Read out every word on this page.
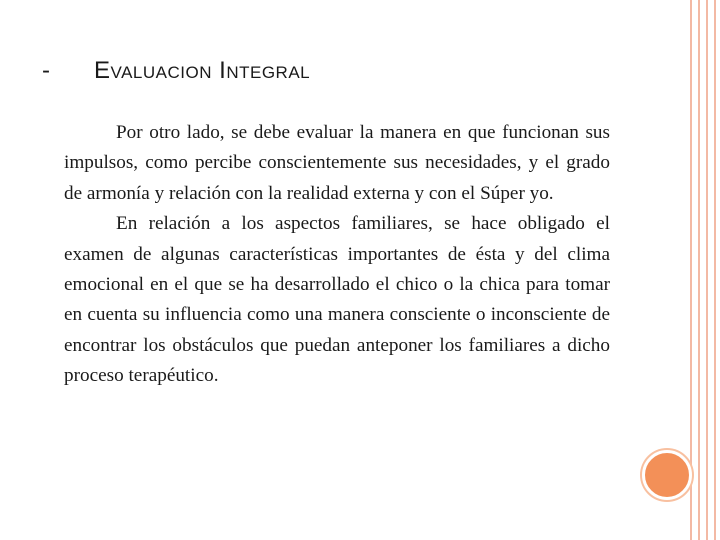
-	Evaluacion Integral

Por otro lado, se debe evaluar la manera en que funcionan sus impulsos, como percibe conscientemente sus necesidades, y el grado de armonía y relación con la realidad externa y con el Súper yo.

En relación a los aspectos familiares, se hace obligado el examen de algunas características importantes de ésta y del clima emocional en el que se ha desarrollado el chico o la chica para tomar en cuenta su influencia como una manera consciente o inconsciente de encontrar los obstáculos que puedan anteponer los familiares a dicho proceso terapéutico.
